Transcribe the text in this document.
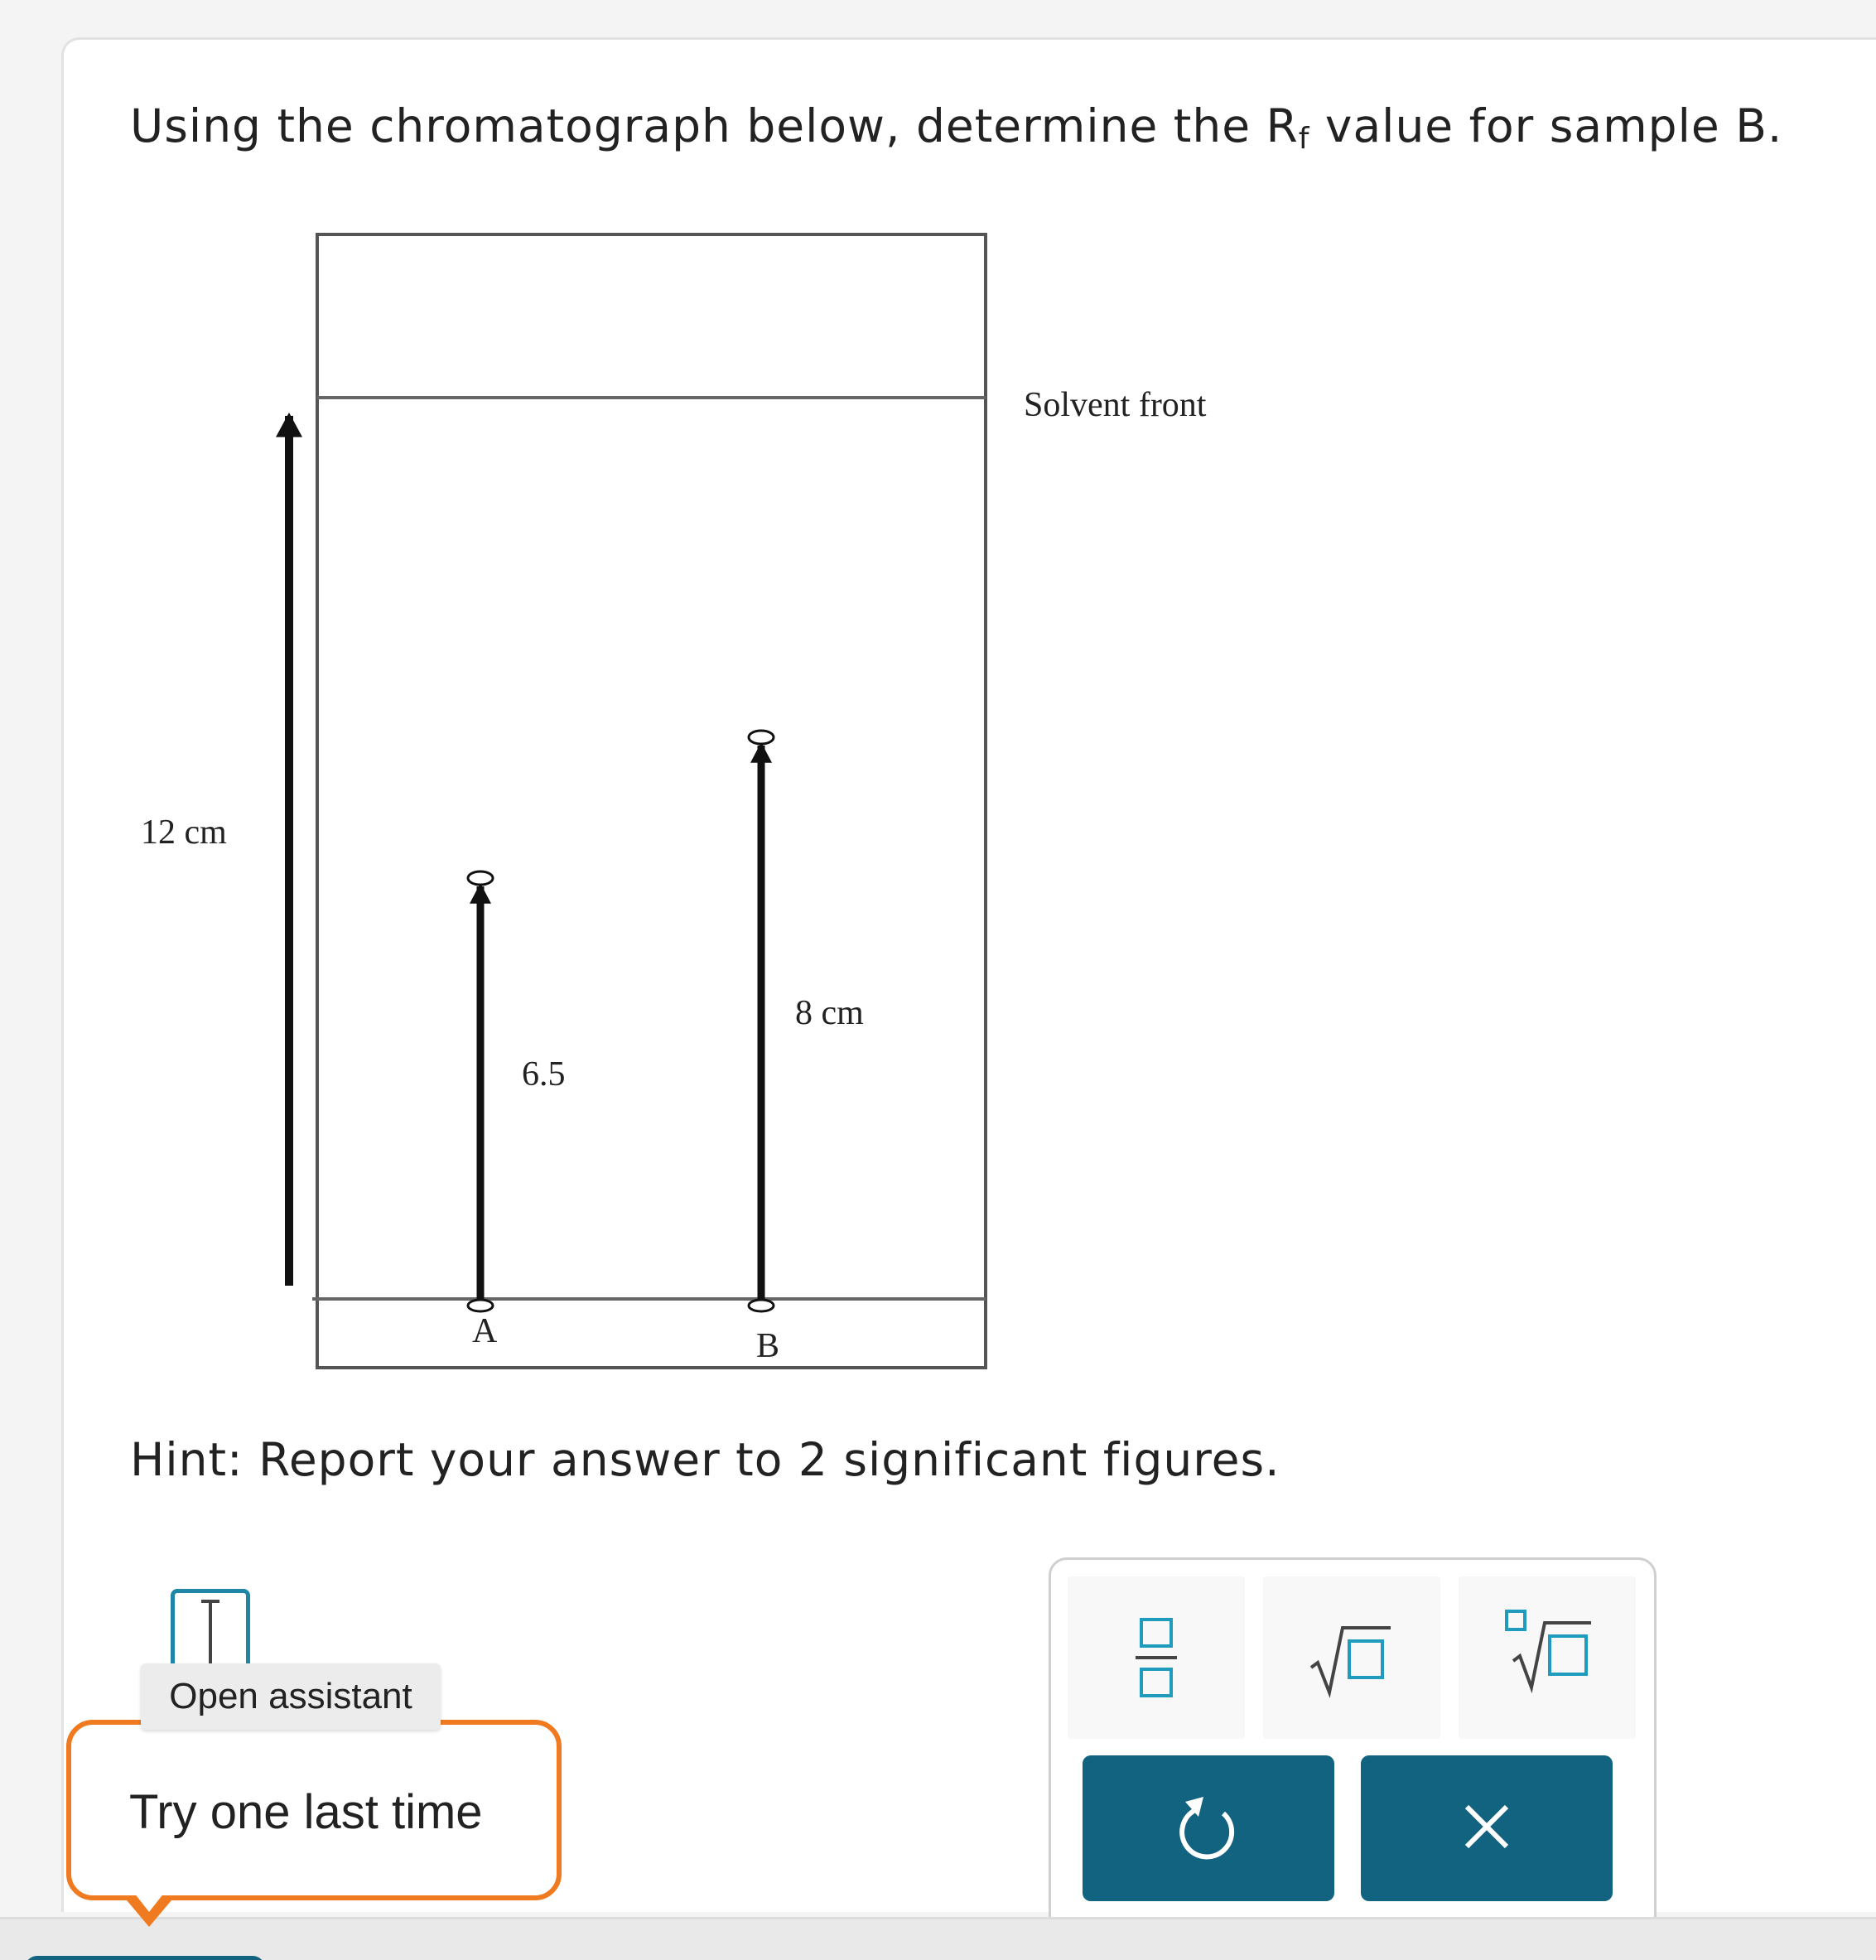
Using the chromatograph below, determine the $R_f$ value for sample B.
Solvent front
12 cm
6.5
8 cm
A	B
Hint: Report your answer to 2 significant figures.
Open assistant
Try one last time
